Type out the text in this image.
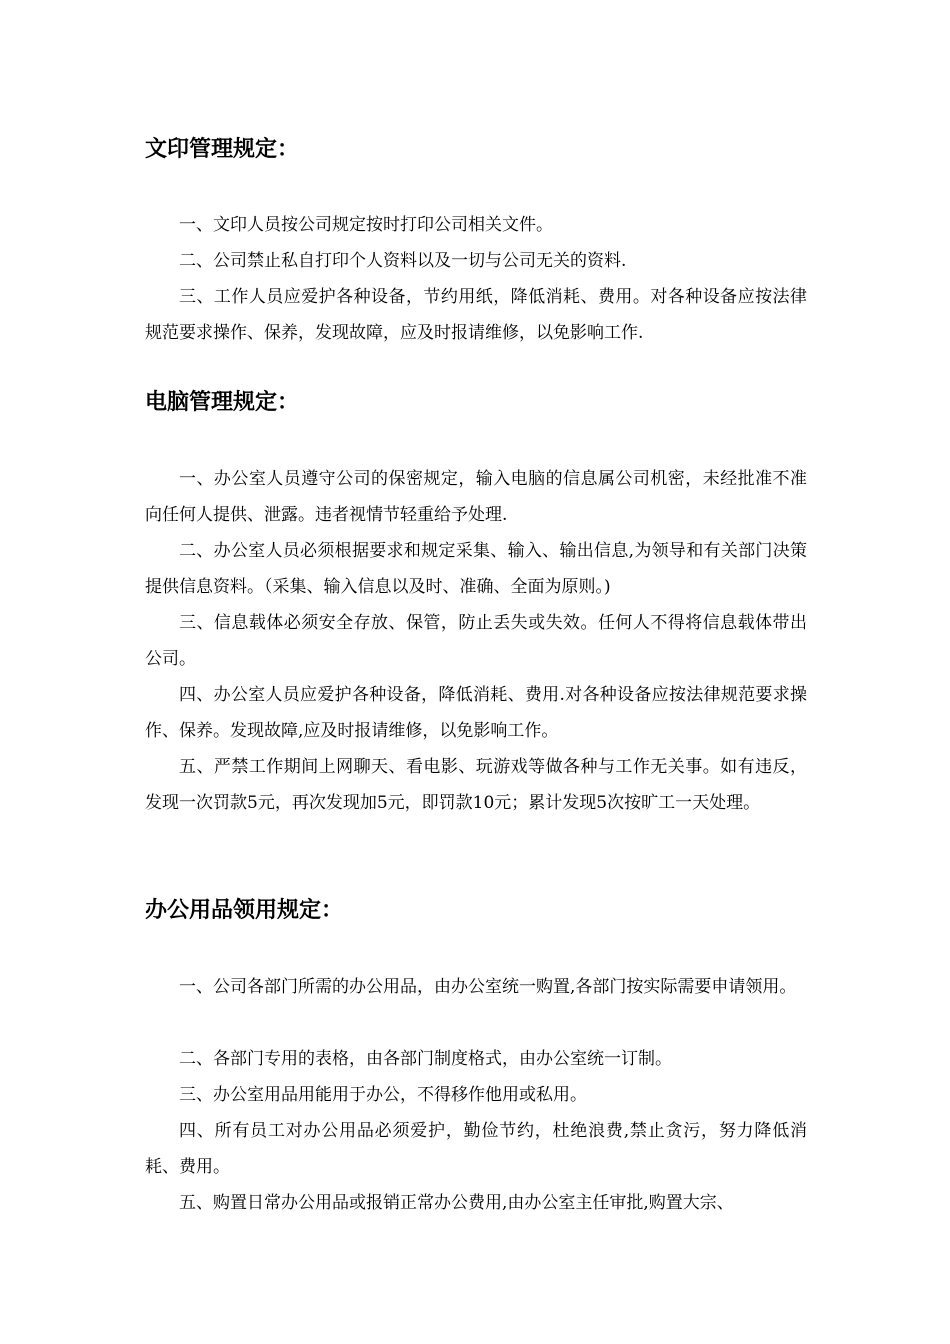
文印管理规定：

一、文印人员按公司规定按时打印公司相关文件。

二、公司禁止私自打印个人资料以及一切与公司无关的资料.

三、工作人员应爱护各种设备，节约用纸，降低消耗、费用。对各种设备应按法律规范要求操作、保养，发现故障，应及时报请维修，以免影响工作.

电脑管理规定：

一、办公室人员遵守公司的保密规定，输入电脑的信息属公司机密，未经批准不准向任何人提供、泄露。违者视情节轻重给予处理.

二、办公室人员必须根据要求和规定采集、输入、输出信息,为领导和有关部门决策提供信息资料。（采集、输入信息以及时、准确、全面为原则。)

三、信息载体必须安全存放、保管，防止丢失或失效。任何人不得将信息载体带出公司。

四、办公室人员应爱护各种设备，降低消耗、费用.对各种设备应按法律规范要求操作、保养。发现故障,应及时报请维修，以免影响工作。

五、严禁工作期间上网聊天、看电影、玩游戏等做各种与工作无关事。如有违反，发现一次罚款5元，再次发现加5元，即罚款10元；累计发现5次按旷工一天处理。

办公用品领用规定：

一、公司各部门所需的办公用品，由办公室统一购置,各部门按实际需要申请领用。

二、各部门专用的表格，由各部门制度格式，由办公室统一订制。

三、办公室用品用能用于办公，不得移作他用或私用。

四、所有员工对办公用品必须爱护，勤俭节约，杜绝浪费,禁止贪污，努力降低消耗、费用。

五、购置日常办公用品或报销正常办公费用,由办公室主任审批,购置大宗、
